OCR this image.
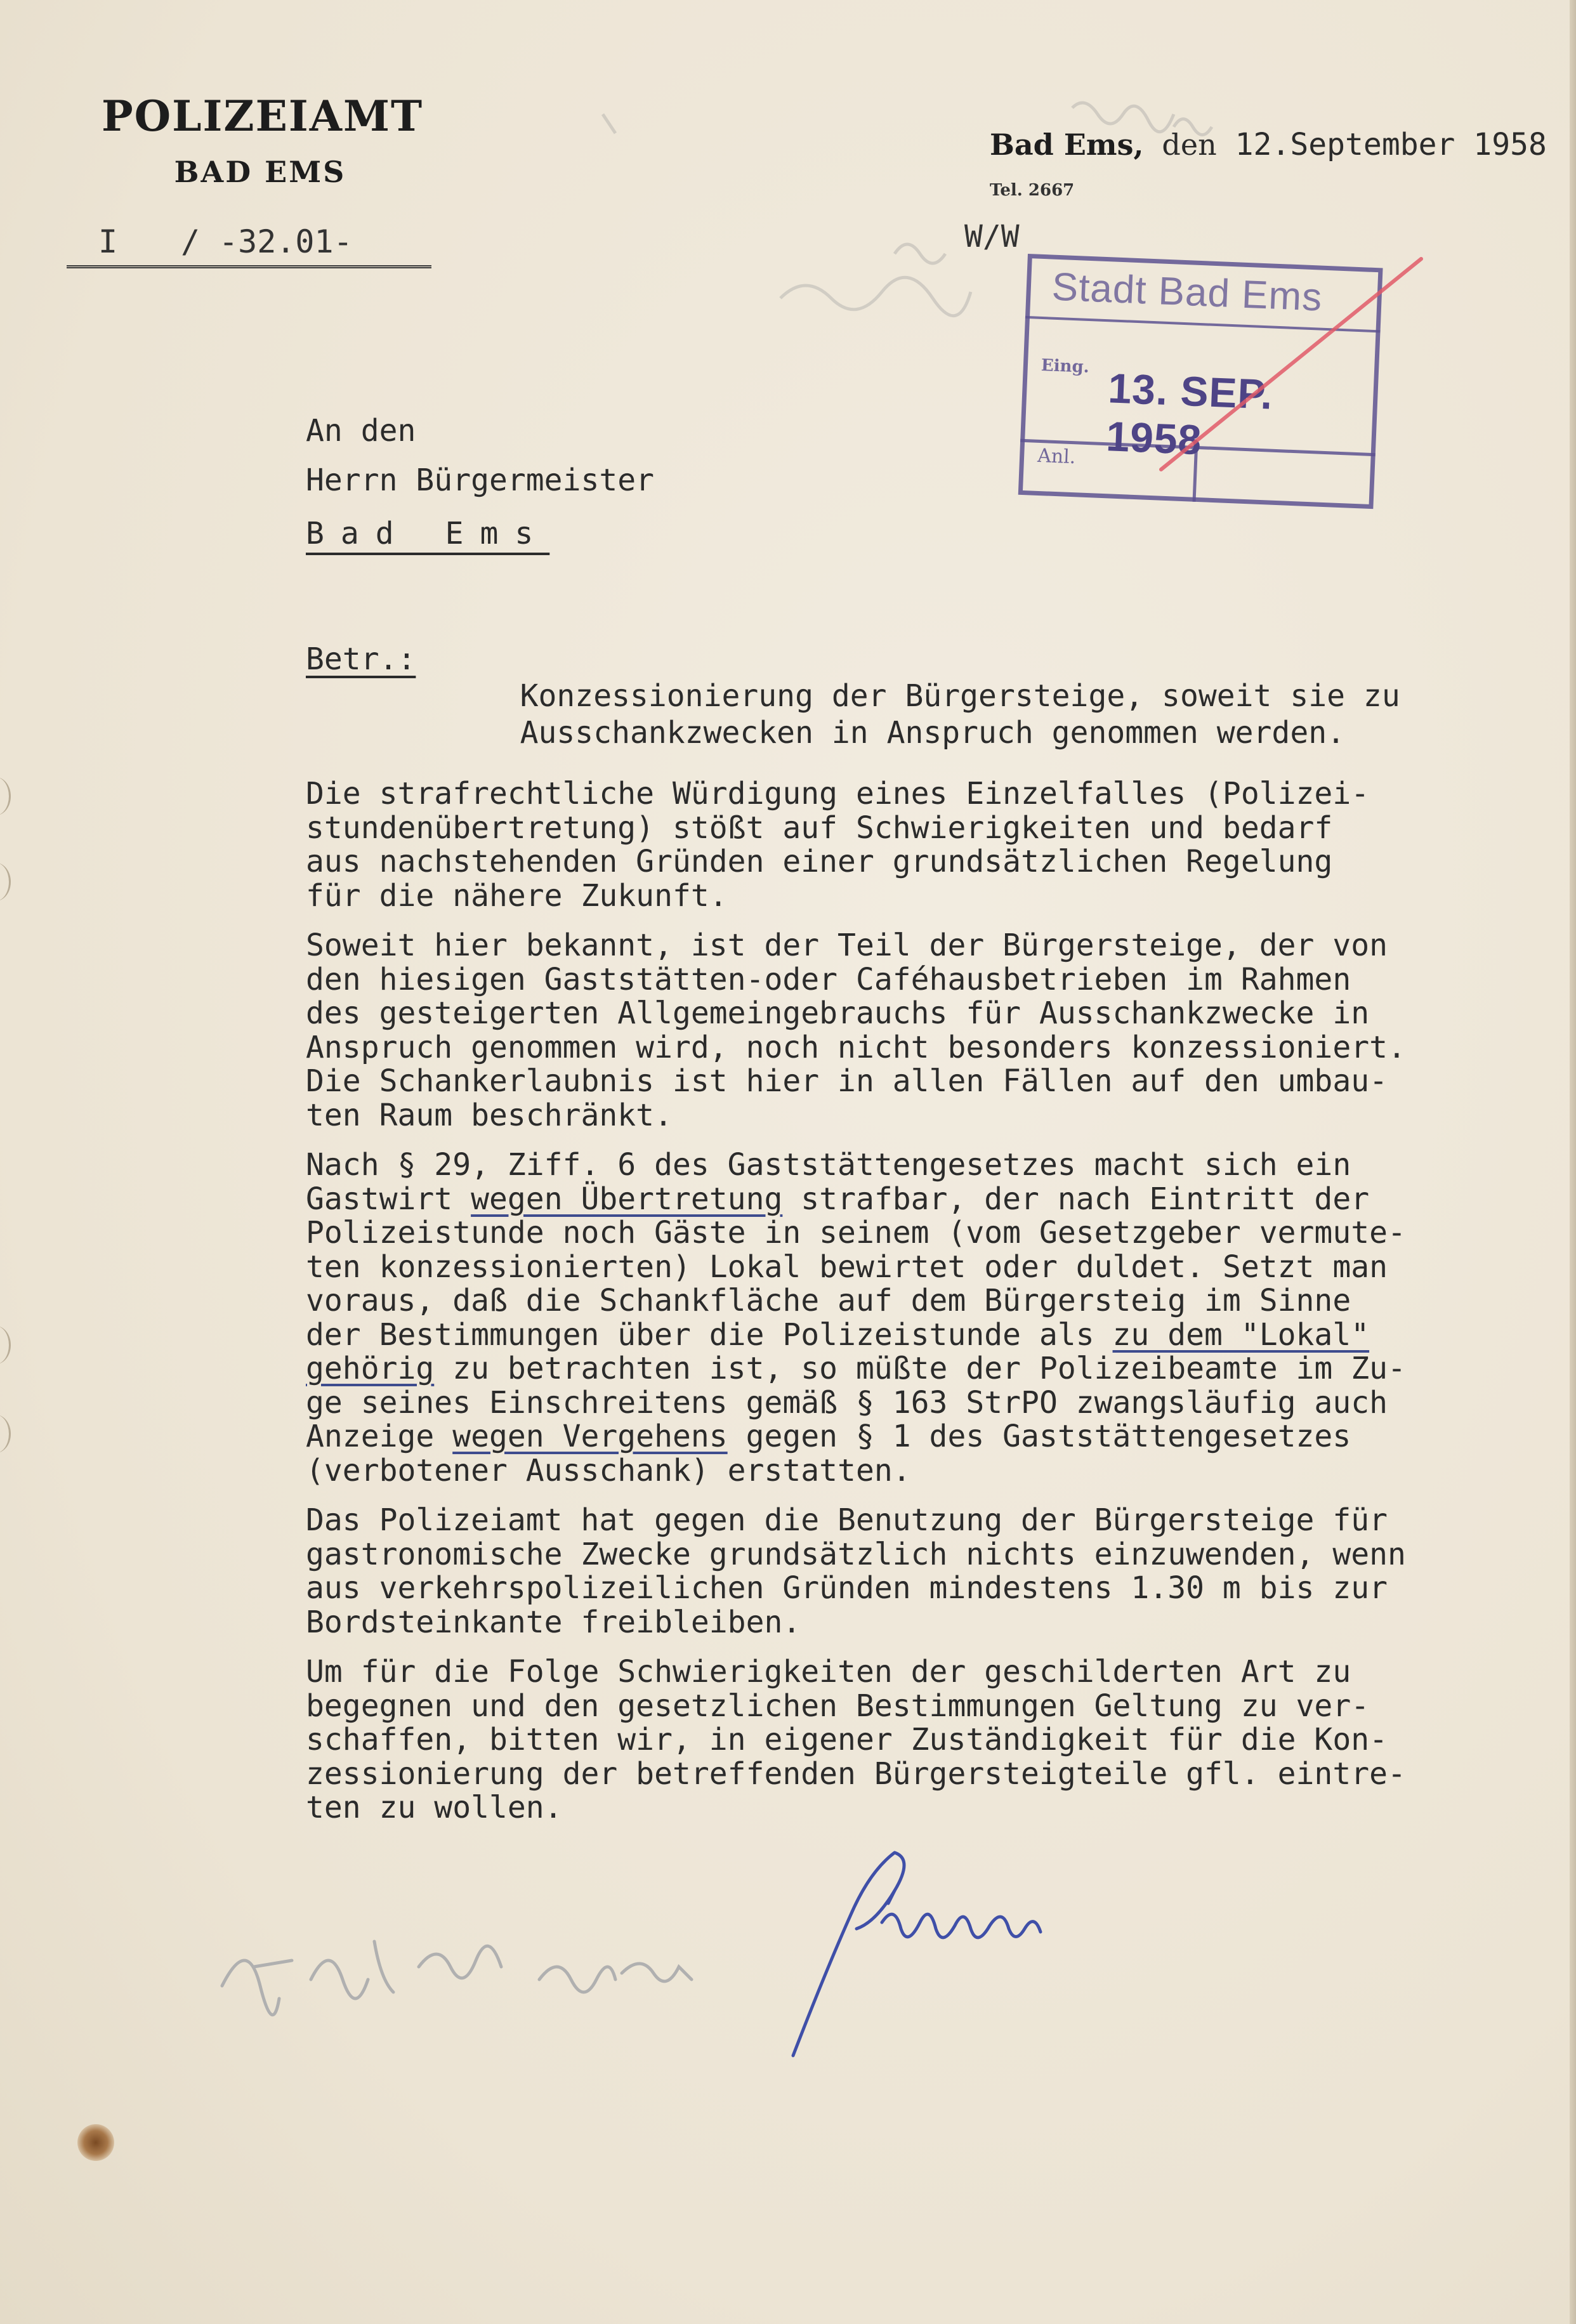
POLIZEIAMT
BAD EMS
I / -32.01-
Bad Ems, den 12.September 1958
Tel. 2667
W/W
Stadt Bad Ems
Eing. 13. SEP. 1958
Anl.
An den
Herrn Bürgermeister
Bad Ems
Betr.:

Konzessionierung der Bürgersteige, soweit sie zu
Ausschankzwecken in Anspruch genommen werden.

Die strafrechtliche Würdigung eines Einzelfalles (Polizei-
stundenübertretung) stößt auf Schwierigkeiten und bedarf
aus nachstehenden Gründen einer grundsätzlichen Regelung
für die nähere Zukunft.
Soweit hier bekannt, ist der Teil der Bürgersteige, der von
den hiesigen Gaststätten-oder Caféhausbetrieben im Rahmen
des gesteigerten Allgemeingebrauchs für Ausschankzwecke in
Anspruch genommen wird, noch nicht besonders konzessioniert.
Die Schankerlaubnis ist hier in allen Fällen auf den umbau-
ten Raum beschränkt.
Nach § 29, Ziff. 6 des Gaststättengesetzes macht sich ein
Gastwirt wegen Übertretung strafbar, der nach Eintritt der
Polizeistunde noch Gäste in seinem (vom Gesetzgeber vermute-
ten konzessionierten) Lokal bewirtet oder duldet. Setzt man
voraus, daß die Schankfläche auf dem Bürgersteig im Sinne
der Bestimmungen über die Polizeistunde als zu dem "Lokal"
gehörig zu betrachten ist, so müßte der Polizeibeamte im Zu-
ge seines Einschreitens gemäß § 163 StrPO zwangsläufig auch
Anzeige wegen Vergehens gegen § 1 des Gaststättengesetzes
(verbotener Ausschank) erstatten.
Das Polizeiamt hat gegen die Benutzung der Bürgersteige für
gastronomische Zwecke grundsätzlich nichts einzuwenden, wenn
aus verkehrspolizeilichen Gründen mindestens 1.30 m bis zur
Bordsteinkante freibleiben.
Um für die Folge Schwierigkeiten der geschilderten Art zu
begegnen und den gesetzlichen Bestimmungen Geltung zu ver-
schaffen, bitten wir, in eigener Zuständigkeit für die Kon-
zessionierung der betreffenden Bürgersteigteile gfl. eintre-
ten zu wollen.
